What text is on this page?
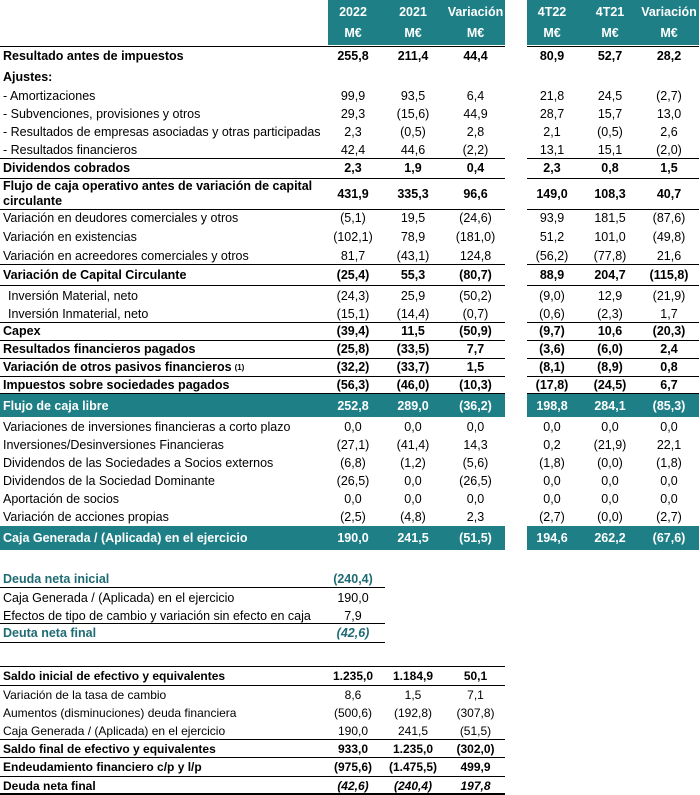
2022	2021	Variación	4T22	4T21	Variación
M€	M€	M€	M€	M€	M€
Resultado antes de impuestos	255,8	211,4	44,4	80,9	52,7	28,2
Ajustes:
- Amortizaciones	99,9	93,5	6,4	21,8	24,5	(2,7)
- Subvenciones, provisiones y otros	29,3	(15,6)	44,9	28,7	15,7	13,0
- Resultados de empresas asociadas y otras participadas	2,3	(0,5)	2,8	2,1	(0,5)	2,6
- Resultados financieros	42,4	44,6	(2,2)	13,1	15,1	(2,0)
Dividendos cobrados	2,3	1,9	0,4	2,3	0,8	1,5
Flujo de caja operativo antes de variación de capital circulante	431,9	335,3	96,6	149,0	108,3	40,7
Variación en deudores comerciales y otros	(5,1)	19,5	(24,6)	93,9	181,5	(87,6)
Variación en existencias	(102,1)	78,9	(181,0)	51,2	101,0	(49,8)
Variación en acreedores comerciales y otros	81,7	(43,1)	124,8	(56,2)	(77,8)	21,6
Variación de Capital Circulante	(25,4)	55,3	(80,7)	88,9	204,7	(115,8)
Inversión Material, neto	(24,3)	25,9	(50,2)	(9,0)	12,9	(21,9)
Inversión Inmaterial, neto	(15,1)	(14,4)	(0,7)	(0,6)	(2,3)	1,7
Capex	(39,4)	11,5	(50,9)	(9,7)	10,6	(20,3)
Resultados financieros pagados	(25,8)	(33,5)	7,7	(3,6)	(6,0)	2,4
Variación de otros pasivos financieros (1)	(32,2)	(33,7)	1,5	(8,1)	(8,9)	0,8
Impuestos sobre sociedades pagados	(56,3)	(46,0)	(10,3)	(17,8)	(24,5)	6,7
Flujo de caja libre	252,8	289,0	(36,2)	198,8	284,1	(85,3)
Variaciones de inversiones financieras a corto plazo	0,0	0,0	0,0	0,0	0,0	0,0
Inversiones/Desinversiones Financieras	(27,1)	(41,4)	14,3	0,2	(21,9)	22,1
Dividendos de las Sociedades a Socios externos	(6,8)	(1,2)	(5,6)	(1,8)	(0,0)	(1,8)
Dividendos de la Sociedad Dominante	(26,5)	0,0	(26,5)	0,0	0,0	0,0
Aportación de socios	0,0	0,0	0,0	0,0	0,0	0,0
Variación de acciones propias	(2,5)	(4,8)	2,3	(2,7)	(0,0)	(2,7)
Caja Generada / (Aplicada) en el ejercicio	190,0	241,5	(51,5)	194,6	262,2	(67,6)
Deuda neta inicial	(240,4)
Caja Generada / (Aplicada) en el ejercicio	190,0
Efectos de tipo de cambio y variación sin efecto en caja	7,9
Deuta neta final	(42,6)
Saldo inicial de efectivo y equivalentes	1.235,0	1.184,9	50,1
Variación de la tasa de cambio	8,6	1,5	7,1
Aumentos (disminuciones) deuda financiera	(500,6)	(192,8)	(307,8)
Caja Generada / (Aplicada) en el ejercicio	190,0	241,5	(51,5)
Saldo final de efectivo y equivalentes	933,0	1.235,0	(302,0)
Endeudamiento financiero c/p y l/p	(975,6)	(1.475,5)	499,9
Deuda neta final	(42,6)	(240,4)	197,8
